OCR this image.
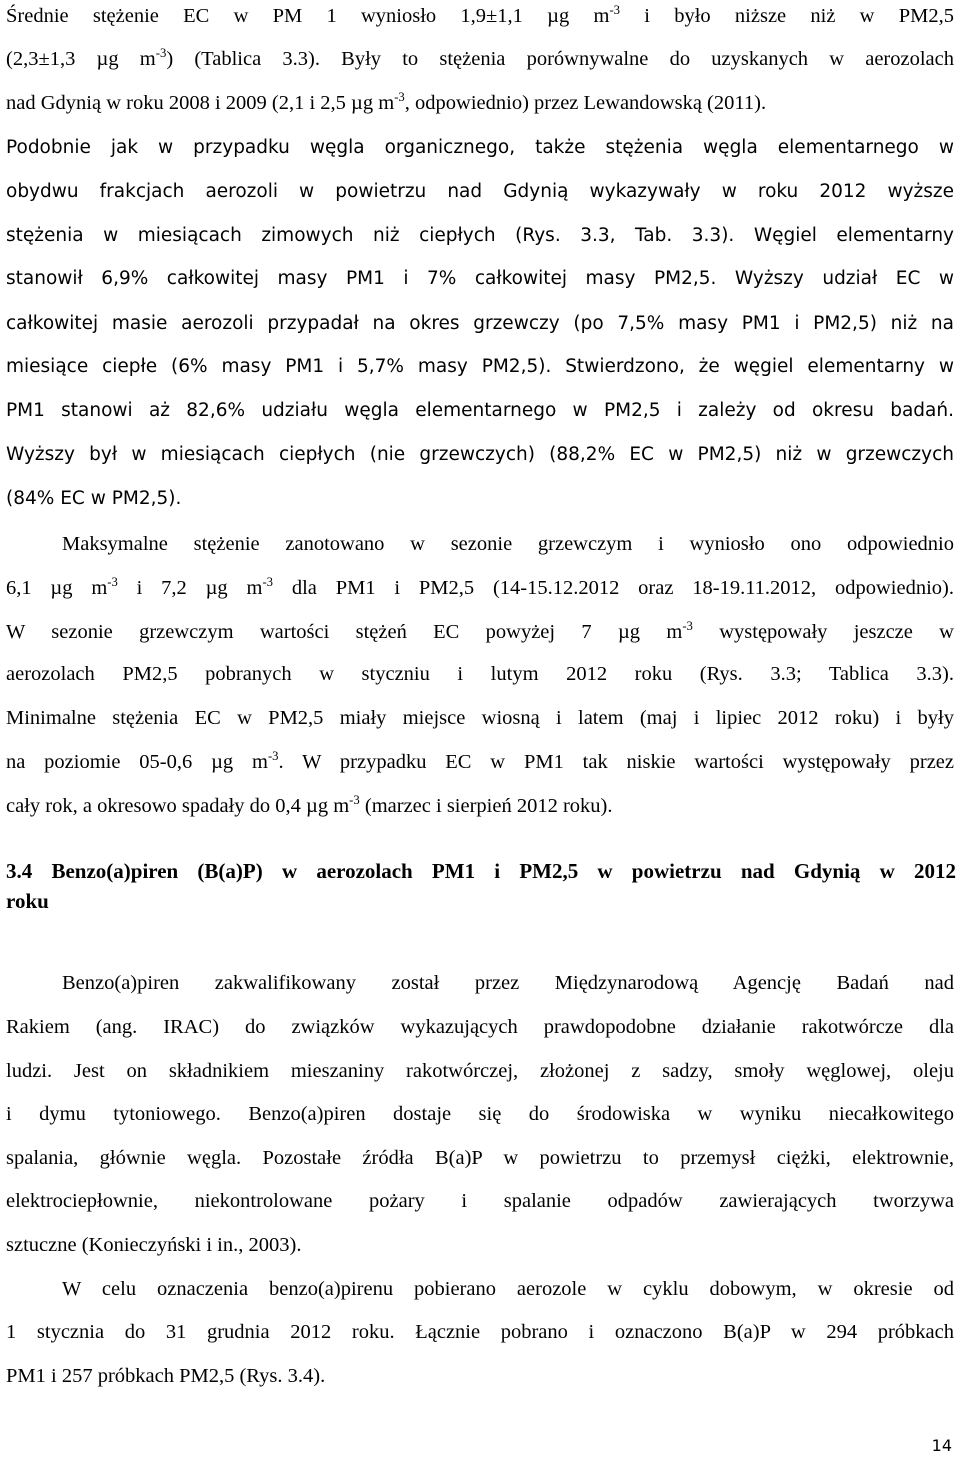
Średnie stężenie EC w PM 1 wyniosło 1,9±1,1 µg $m^{-3}$ i było niższe niż w PM2,5
(2,3±1,3 µg $m^{-3}$) (Tablica 3.3). Były to stężenia porównywalne do uzyskanych w aerozolach
nad Gdynią w roku 2008 i 2009 (2,1 i 2,5 µg $m^{-3}$, odpowiednio) przez Lewandowską (2011).
Podobnie jak w przypadku węgla organicznego, także stężenia węgla elementarnego w
obydwu frakcjach aerozoli w powietrzu nad Gdynią wykazywały w roku 2012 wyższe
stężenia w miesiącach zimowych niż ciepłych (Rys. 3.3, Tab. 3.3). Węgiel elementarny
stanowił 6,9% całkowitej masy PM1 i 7% całkowitej masy PM2,5. Wyższy udział EC w
całkowitej masie aerozoli przypadał na okres grzewczy (po 7,5% masy PM1 i PM2,5) niż na
miesiące ciepłe (6% masy PM1 i 5,7% masy PM2,5). Stwierdzono, że węgiel elementarny w
PM1 stanowi aż 82,6% udziału węgla elementarnego w PM2,5 i zależy od okresu badań.
Wyższy był w miesiącach ciepłych (nie grzewczych) (88,2% EC w PM2,5) niż w grzewczych
(84% EC w PM2,5).
Maksymalne stężenie zanotowano w sezonie grzewczym i wyniosło ono odpowiednio
6,1 µg $m^{-3}$ i 7,2 µg $m^{-3}$ dla PM1 i PM2,5 (14-15.12.2012 oraz 18-19.11.2012, odpowiednio).
W sezonie grzewczym wartości stężeń EC powyżej 7 µg $m^{-3}$ występowały jeszcze w
aerozolach PM2,5 pobranych w styczniu i lutym 2012 roku (Rys. 3.3; Tablica 3.3).
Minimalne stężenia EC w PM2,5 miały miejsce wiosną i latem (maj i lipiec 2012 roku) i były
na poziomie 05-0,6 µg $m^{-3}$. W przypadku EC w PM1 tak niskie wartości występowały przez
cały rok, a okresowo spadały do 0,4 µg $m^{-3}$ (marzec i sierpień 2012 roku).
3.4 Benzo(a)piren (B(a)P) w aerozolach PM1 i PM2,5 w powietrzu nad Gdynią w 2012
roku
Benzo(a)piren zakwalifikowany został przez Międzynarodową Agencję Badań nad
Rakiem (ang. IRAC) do związków wykazujących prawdopodobne działanie rakotwórcze dla
ludzi. Jest on składnikiem mieszaniny rakotwórczej, złożonej z sadzy, smoły węglowej, oleju
i dymu tytoniowego. Benzo(a)piren dostaje się do środowiska w wyniku niecałkowitego
spalania, głównie węgla. Pozostałe źródła B(a)P w powietrzu to przemysł ciężki, elektrownie,
elektrociepłownie, niekontrolowane pożary i spalanie odpadów zawierających tworzywa
sztuczne (Konieczyński i in., 2003).
W celu oznaczenia benzo(a)pirenu pobierano aerozole w cyklu dobowym, w okresie od
1 stycznia do 31 grudnia 2012 roku. Łącznie pobrano i oznaczono B(a)P w 294 próbkach
PM1 i 257 próbkach PM2,5 (Rys. 3.4).
14
